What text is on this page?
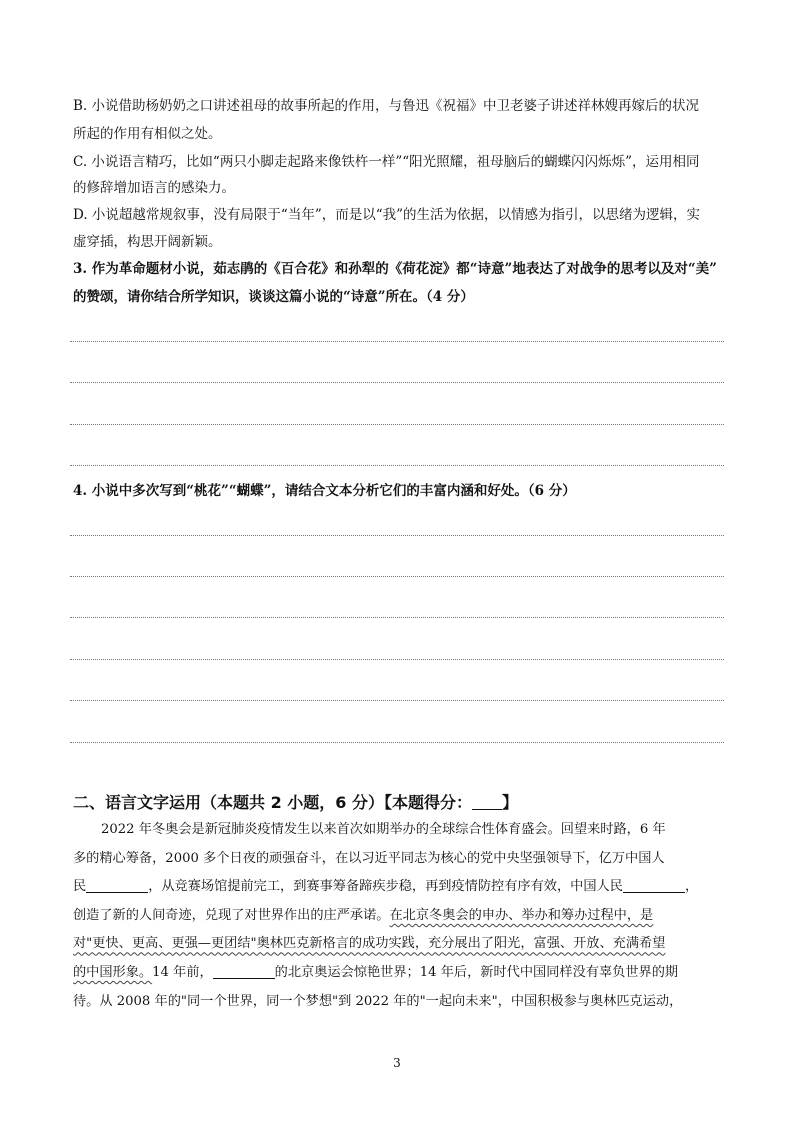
B. 小说借助杨奶奶之口讲述祖母的故事所起的作用，与鲁迅《祝福》中卫老婆子讲述祥林嫂再嫁后的状况
所起的作用有相似之处。
C. 小说语言精巧，比如“两只小脚走起路来像铁杵一样”“阳光照耀，祖母脑后的蝴蝶闪闪烁烁”，运用相同
的修辞增加语言的感染力。
D. 小说超越常规叙事，没有局限于“当年”，而是以“我”的生活为依据，以情感为指引，以思绪为逻辑，实
虚穿插，构思开阔新颖。
3. 作为革命题材小说，茹志鹃的《百合花》和孙犁的《荷花淀》都“诗意”地表达了对战争的思考以及对“美”
的赞颂，请你结合所学知识，谈谈这篇小说的“诗意”所在。（4 分）
4. 小说中多次写到“桃花”“蝴蝶”，请结合文本分析它们的丰富内涵和好处。（6 分）
二、语言文字运用（本题共 2 小题，6 分）【本题得分： 】
2022 年冬奥会是新冠肺炎疫情发生以来首次如期举办的全球综合性体育盛会。回望来时路，6 年
多的精心筹备，2000 多个日夜的顽强奋斗，在以习近平同志为核心的党中央坚强领导下，亿万中国人
民	，从竞赛场馆提前完工，到赛事筹备蹄疾步稳，再到疫情防控有序有效，中国人民	，
创造了新的人间奇迹，兑现了对世界作出的庄严承诺。在北京冬奥会的申办、举办和筹办过程中，是
对"更快、更高、更强—更团结"奥林匹克新格言的成功实践，充分展出了阳光，富强、开放、充满希望
的中国形象。14 年前，	的北京奥运会惊艳世界；14 年后，新时代中国同样没有辜负世界的期
待。从 2008 年的"同一个世界，同一个梦想"到 2022 年的"一起向未来"，中国积极参与奥林匹克运动，
3
